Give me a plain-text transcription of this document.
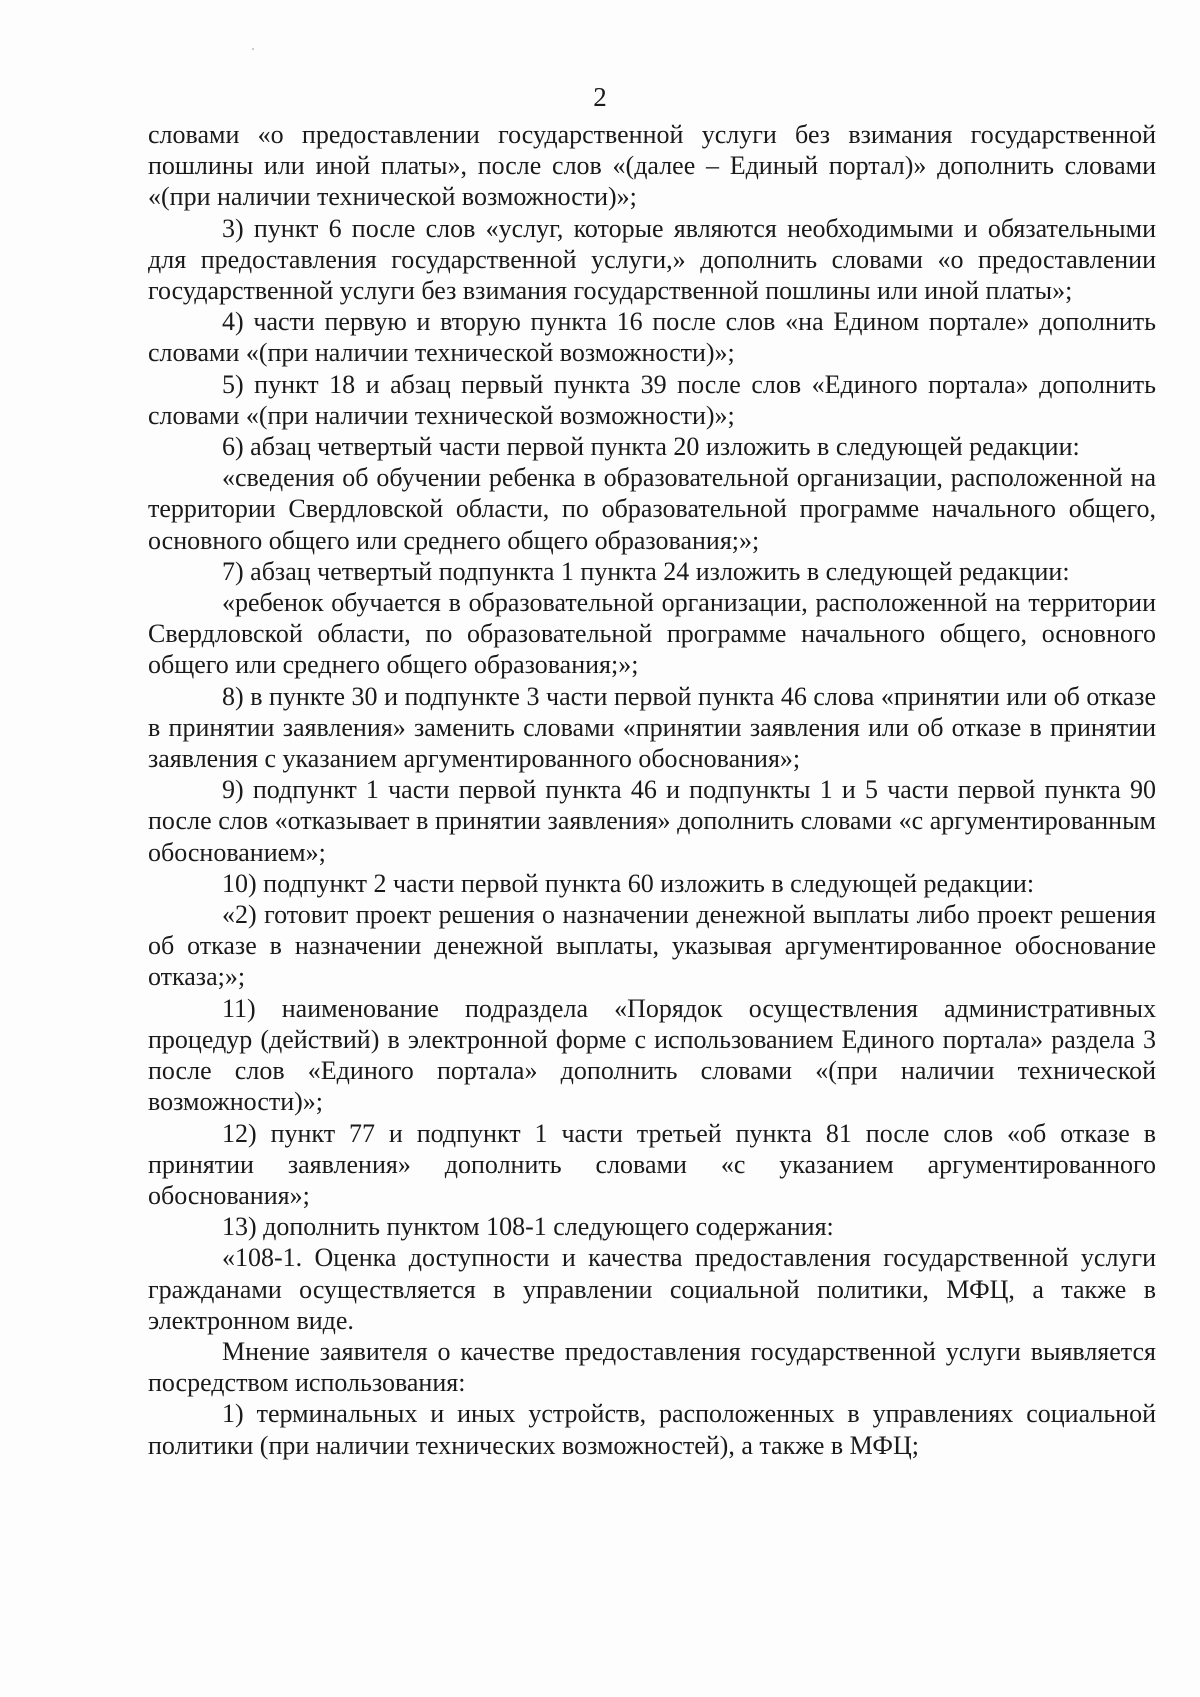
2

словами «о предоставлении государственной услуги без взимания государственной пошлины или иной платы», после слов «(далее – Единый портал)» дополнить словами «(при наличии технической возможности)»;

3) пункт 6 после слов «услуг, которые являются необходимыми и обязательными для предоставления государственной услуги,» дополнить словами «о предоставлении государственной услуги без взимания государственной пошлины или иной платы»;

4) части первую и вторую пункта 16 после слов «на Едином портале» дополнить словами «(при наличии технической возможности)»;

5) пункт 18 и абзац первый пункта 39 после слов «Единого портала» дополнить словами «(при наличии технической возможности)»;

6) абзац четвертый части первой пункта 20 изложить в следующей редакции:

«сведения об обучении ребенка в образовательной организации, расположенной на территории Свердловской области, по образовательной программе начального общего, основного общего или среднего общего образования;»;

7) абзац четвертый подпункта 1 пункта 24 изложить в следующей редакции:

«ребенок обучается в образовательной организации, расположенной на территории Свердловской области, по образовательной программе начального общего, основного общего или среднего общего образования;»;

8) в пункте 30 и подпункте 3 части первой пункта 46 слова «принятии или об отказе в принятии заявления» заменить словами «принятии заявления или об отказе в принятии заявления с указанием аргументированного обоснования»;

9) подпункт 1 части первой пункта 46 и подпункты 1 и 5 части первой пункта 90 после слов «отказывает в принятии заявления» дополнить словами «с аргументированным обоснованием»;

10) подпункт 2 части первой пункта 60 изложить в следующей редакции:

«2) готовит проект решения о назначении денежной выплаты либо проект решения об отказе в назначении денежной выплаты, указывая аргументированное обоснование отказа;»;

11) наименование подраздела «Порядок осуществления административных процедур (действий) в электронной форме с использованием Единого портала» раздела 3 после слов «Единого портала» дополнить словами «(при наличии технической возможности)»;

12) пункт 77 и подпункт 1 части третьей пункта 81 после слов «об отказе в принятии заявления» дополнить словами «с указанием аргументированного обоснования»;

13) дополнить пунктом 108-1 следующего содержания:

«108-1. Оценка доступности и качества предоставления государственной услуги гражданами осуществляется в управлении социальной политики, МФЦ, а также в электронном виде.

Мнение заявителя о качестве предоставления государственной услуги выявляется посредством использования:

1) терминальных и иных устройств, расположенных в управлениях социальной политики (при наличии технических возможностей), а также в МФЦ;
